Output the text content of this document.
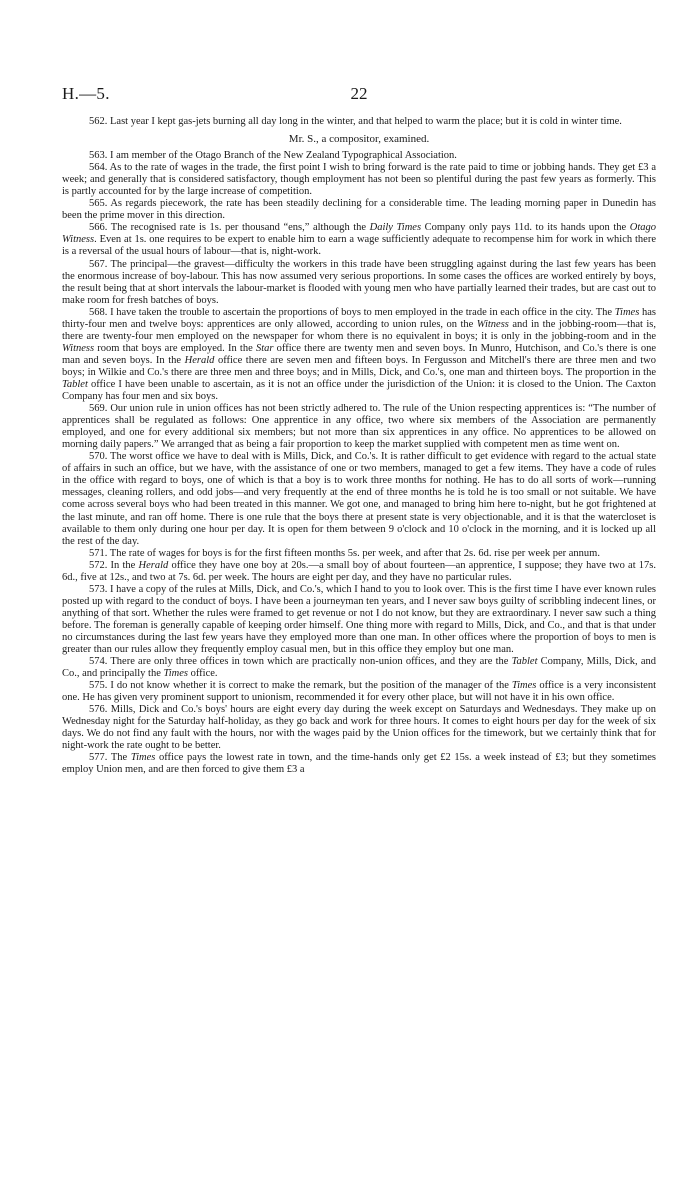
H.—5.	22

562. Last year I kept gas-jets burning all day long in the winter, and that helped to warm the place; but it is cold in winter time.

Mr. S., a compositor, examined.

563. I am member of the Otago Branch of the New Zealand Typographical Association.

564. As to the rate of wages in the trade, the first point I wish to bring forward is the rate paid to time or jobbing hands. They get £3 a week; and generally that is considered satisfactory, though employment has not been so plentiful during the past few years as formerly. This is partly accounted for by the large increase of competition.

565. As regards piecework, the rate has been steadily declining for a considerable time. The leading morning paper in Dunedin has been the prime mover in this direction.

566. The recognised rate is 1s. per thousand “ens,” although the Daily Times Company only pays 11d. to its hands upon the Otago Witness. Even at 1s. one requires to be expert to enable him to earn a wage sufficiently adequate to recompense him for work in which there is a reversal of the usual hours of labour—that is, night-work.

567. The principal—the gravest—difficulty the workers in this trade have been struggling against during the last few years has been the enormous increase of boy-labour. This has now assumed very serious proportions. In some cases the offices are worked entirely by boys, the result being that at short intervals the labour-market is flooded with young men who have partially learned their trades, but are cast out to make room for fresh batches of boys.

568. I have taken the trouble to ascertain the proportions of boys to men employed in the trade in each office in the city. The Times has thirty-four men and twelve boys: apprentices are only allowed, according to union rules, on the Witness and in the jobbing-room—that is, there are twenty-four men employed on the newspaper for whom there is no equivalent in boys; it is only in the jobbing-room and in the Witness room that boys are employed. In the Star office there are twenty men and seven boys. In Munro, Hutchison, and Co.'s there is one man and seven boys. In the Herald office there are seven men and fifteen boys. In Fergusson and Mitchell's there are three men and two boys; in Wilkie and Co.'s there are three men and three boys; and in Mills, Dick, and Co.'s, one man and thirteen boys. The proportion in the Tablet office I have been unable to ascertain, as it is not an office under the jurisdiction of the Union: it is closed to the Union. The Caxton Company has four men and six boys.

569. Our union rule in union offices has not been strictly adhered to. The rule of the Union respecting apprentices is: “The number of apprentices shall be regulated as follows: One apprentice in any office, two where six members of the Association are permanently employed, and one for every additional six members; but not more than six apprentices in any office. No apprentices to be allowed on morning daily papers.” We arranged that as being a fair proportion to keep the market supplied with competent men as time went on.

570. The worst office we have to deal with is Mills, Dick, and Co.'s. It is rather difficult to get evidence with regard to the actual state of affairs in such an office, but we have, with the assistance of one or two members, managed to get a few items. They have a code of rules in the office with regard to boys, one of which is that a boy is to work three months for nothing. He has to do all sorts of work—running messages, cleaning rollers, and odd jobs—and very frequently at the end of three months he is told he is too small or not suitable. We have come across several boys who had been treated in this manner. We got one, and managed to bring him here to-night, but he got frightened at the last minute, and ran off home. There is one rule that the boys there at present state is very objectionable, and it is that the watercloset is available to them only during one hour per day. It is open for them between 9 o'clock and 10 o'clock in the morning, and it is locked up all the rest of the day.

571. The rate of wages for boys is for the first fifteen months 5s. per week, and after that 2s. 6d. rise per week per annum.

572. In the Herald office they have one boy at 20s.—a small boy of about fourteen—an apprentice, I suppose; they have two at 17s. 6d., five at 12s., and two at 7s. 6d. per week. The hours are eight per day, and they have no particular rules.

573. I have a copy of the rules at Mills, Dick, and Co.'s, which I hand to you to look over. This is the first time I have ever known rules posted up with regard to the conduct of boys. I have been a journeyman ten years, and I never saw boys guilty of scribbling indecent lines, or anything of that sort. Whether the rules were framed to get revenue or not I do not know, but they are extraordinary. I never saw such a thing before. The foreman is generally capable of keeping order himself. One thing more with regard to Mills, Dick, and Co., and that is that under no circumstances during the last few years have they employed more than one man. In other offices where the proportion of boys to men is greater than our rules allow they frequently employ casual men, but in this office they employ but one man.

574. There are only three offices in town which are practically non-union offices, and they are the Tablet Company, Mills, Dick, and Co., and principally the Times office.

575. I do not know whether it is correct to make the remark, but the position of the manager of the Times office is a very inconsistent one. He has given very prominent support to unionism, recommended it for every other place, but will not have it in his own office.

576. Mills, Dick and Co.'s boys' hours are eight every day during the week except on Saturdays and Wednesdays. They make up on Wednesday night for the Saturday half-holiday, as they go back and work for three hours. It comes to eight hours per day for the week of six days. We do not find any fault with the hours, nor with the wages paid by the Union offices for the timework, but we certainly think that for night-work the rate ought to be better.

577. The Times office pays the lowest rate in town, and the time-hands only get £2 15s. a week instead of £3; but they sometimes employ Union men, and are then forced to give them £3 a
